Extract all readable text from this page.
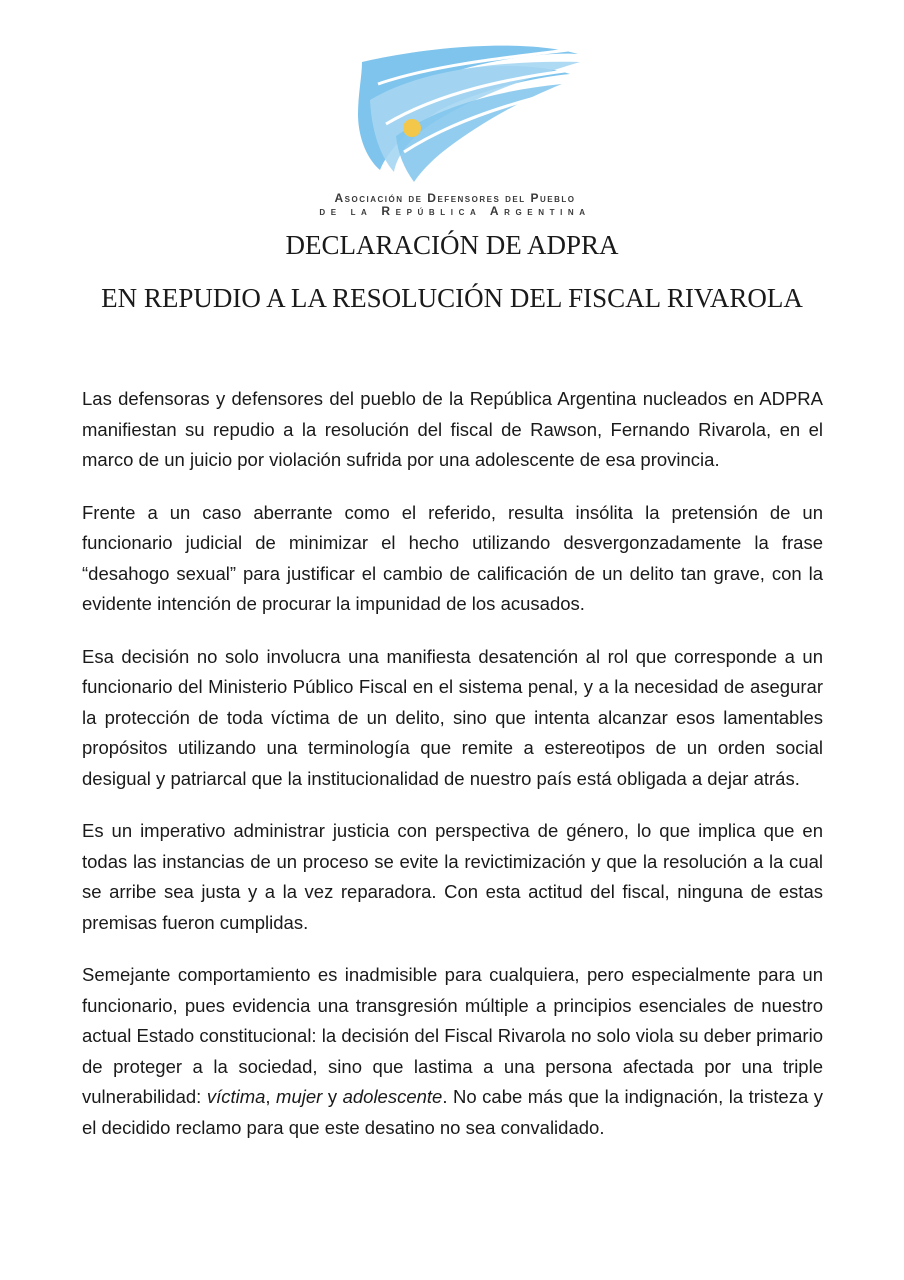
Asociación de Defensores del Pueblo
de la República Argentina
DECLARACIÓN DE ADPRA
EN REPUDIO A LA RESOLUCIÓN DEL FISCAL RIVAROLA

Las defensoras y defensores del pueblo de la República Argentina nucleados en ADPRA manifiestan su repudio a la resolución del fiscal de Rawson, Fernando Rivarola, en el marco de un juicio por violación sufrida por una adolescente de esa provincia.

Frente a un caso aberrante como el referido, resulta insólita la pretensión de un funcionario judicial de minimizar el hecho utilizando desvergonzadamente la frase “desahogo sexual” para justificar el cambio de calificación de un delito tan grave, con la evidente intención de procurar la impunidad de los acusados.

Esa decisión no solo involucra una manifiesta desatención al rol que corresponde a un funcionario del Ministerio Público Fiscal en el sistema penal, y a la necesidad de asegurar la protección de toda víctima de un delito, sino que intenta alcanzar esos lamentables propósitos utilizando una terminología que remite a estereotipos de un orden social desigual y patriarcal que la institucionalidad de nuestro país está obligada a dejar atrás.

Es un imperativo administrar justicia con perspectiva de género, lo que implica que en todas las instancias de un proceso se evite la revictimización y que la resolución a la cual se arribe sea justa y a la vez reparadora. Con esta actitud del fiscal, ninguna de estas premisas fueron cumplidas.

Semejante comportamiento es inadmisible para cualquiera, pero especialmente para un funcionario, pues evidencia una transgresión múltiple a principios esenciales de nuestro actual Estado constitucional: la decisión del Fiscal Rivarola no solo viola su deber primario de proteger a la sociedad, sino que lastima a una persona afectada por una triple vulnerabilidad: víctima, mujer y adolescente. No cabe más que la indignación, la tristeza y el decidido reclamo para que este desatino no sea convalidado.
